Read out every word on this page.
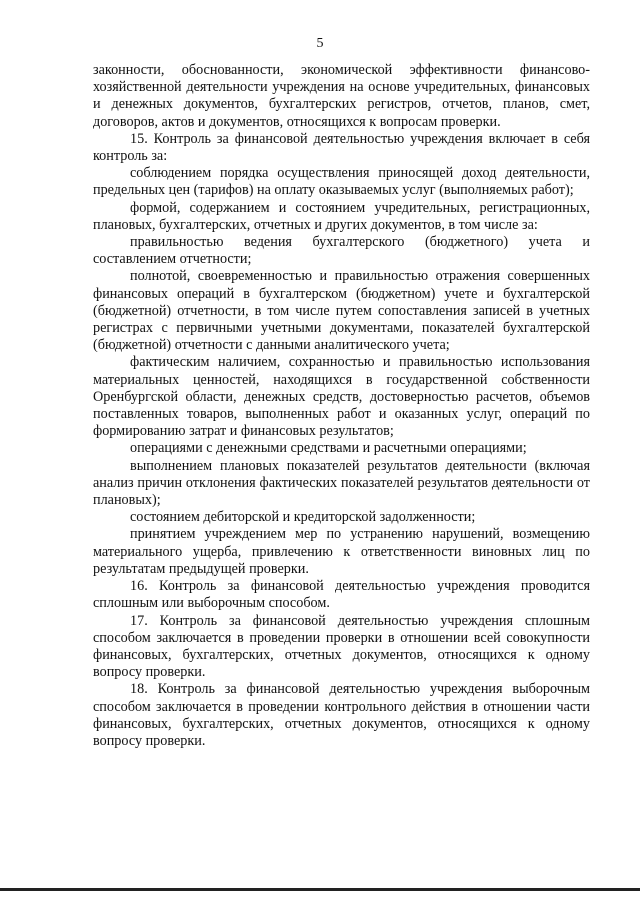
5

законности, обоснованности, экономической эффективности финансово-хозяйственной деятельности учреждения на основе учредительных, финансовых и денежных документов, бухгалтерских регистров, отчетов, планов, смет, договоров, актов и документов, относящихся к вопросам проверки.

15. Контроль за финансовой деятельностью учреждения включает в себя контроль за:

соблюдением порядка осуществления приносящей доход деятельности, предельных цен (тарифов) на оплату оказываемых услуг (выполняемых работ);

формой, содержанием и состоянием учредительных, регистрационных, плановых, бухгалтерских, отчетных и других документов, в том числе за:

правильностью ведения бухгалтерского (бюджетного) учета и составлением отчетности;

полнотой, своевременностью и правильностью отражения совершенных финансовых операций в бухгалтерском (бюджетном) учете и бухгалтерской (бюджетной) отчетности, в том числе путем сопоставления записей в учетных регистрах с первичными учетными документами, показателей бухгалтерской (бюджетной) отчетности с данными аналитического учета;

фактическим наличием, сохранностью и правильностью использования материальных ценностей, находящихся в государственной собственности Оренбургской области, денежных средств, достоверностью расчетов, объемов поставленных товаров, выполненных работ и оказанных услуг, операций по формированию затрат и финансовых результатов;

операциями с денежными средствами и расчетными операциями;

выполнением плановых показателей результатов деятельности (включая анализ причин отклонения фактических показателей результатов деятельности от плановых);

состоянием дебиторской и кредиторской задолженности;

принятием учреждением мер по устранению нарушений, возмещению материального ущерба, привлечению к ответственности виновных лиц по результатам предыдущей проверки.

16. Контроль за финансовой деятельностью учреждения проводится сплошным или выборочным способом.

17. Контроль за финансовой деятельностью учреждения сплошным способом заключается в проведении проверки в отношении всей совокупности финансовых, бухгалтерских, отчетных документов, относящихся к одному вопросу проверки.

18. Контроль за финансовой деятельностью учреждения выборочным способом заключается в проведении контрольного действия в отношении части финансовых, бухгалтерских, отчетных документов, относящихся к одному вопросу проверки.
